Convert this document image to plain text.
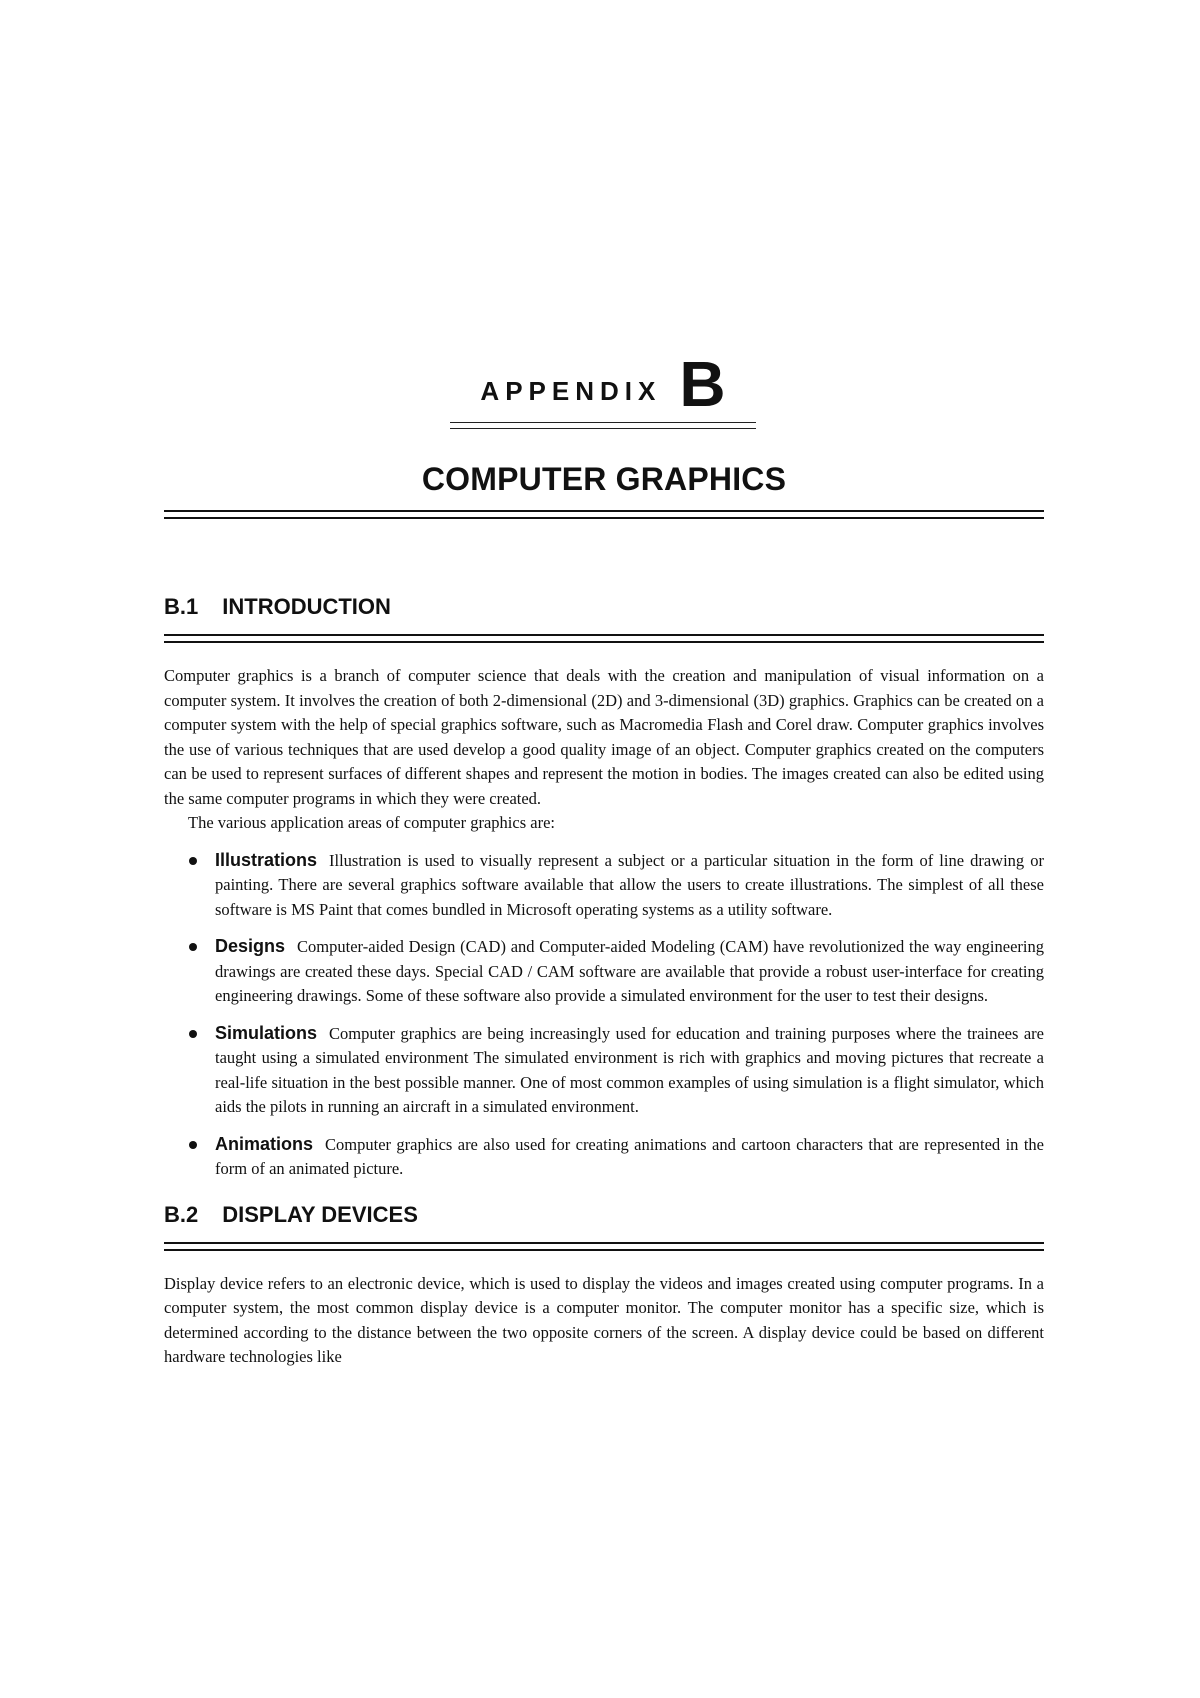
APPENDIX B
COMPUTER GRAPHICS
B.1 INTRODUCTION

Computer graphics is a branch of computer science that deals with the creation and manipulation of visual information on a computer system. It involves the creation of both 2-dimensional (2D) and 3-dimensional (3D) graphics. Graphics can be created on a computer system with the help of special graphics software, such as Macromedia Flash and Corel draw. Computer graphics involves the use of various techniques that are used develop a good quality image of an object. Computer graphics created on the computers can be used to represent surfaces of different shapes and represent the motion in bodies. The images created can also be edited using the same computer programs in which they were created.

The various application areas of computer graphics are:

Illustrations Illustration is used to visually represent a subject or a particular situation in the form of line drawing or painting. There are several graphics software available that allow the users to create illustrations. The simplest of all these software is MS Paint that comes bundled in Microsoft operating systems as a utility software.

Designs Computer-aided Design (CAD) and Computer-aided Modeling (CAM) have revolutionized the way engineering drawings are created these days. Special CAD / CAM software are available that provide a robust user-interface for creating engineering drawings. Some of these software also provide a simulated environment for the user to test their designs.

Simulations Computer graphics are being increasingly used for education and training purposes where the trainees are taught using a simulated environment The simulated environment is rich with graphics and moving pictures that recreate a real-life situation in the best possible manner. One of most common examples of using simulation is a flight simulator, which aids the pilots in running an aircraft in a simulated environment.

Animations Computer graphics are also used for creating animations and cartoon characters that are represented in the form of an animated picture.

B.2 DISPLAY DEVICES

Display device refers to an electronic device, which is used to display the videos and images created using computer programs. In a computer system, the most common display device is a computer monitor. The computer monitor has a specific size, which is determined according to the distance between the two opposite corners of the screen. A display device could be based on different hardware technologies like
